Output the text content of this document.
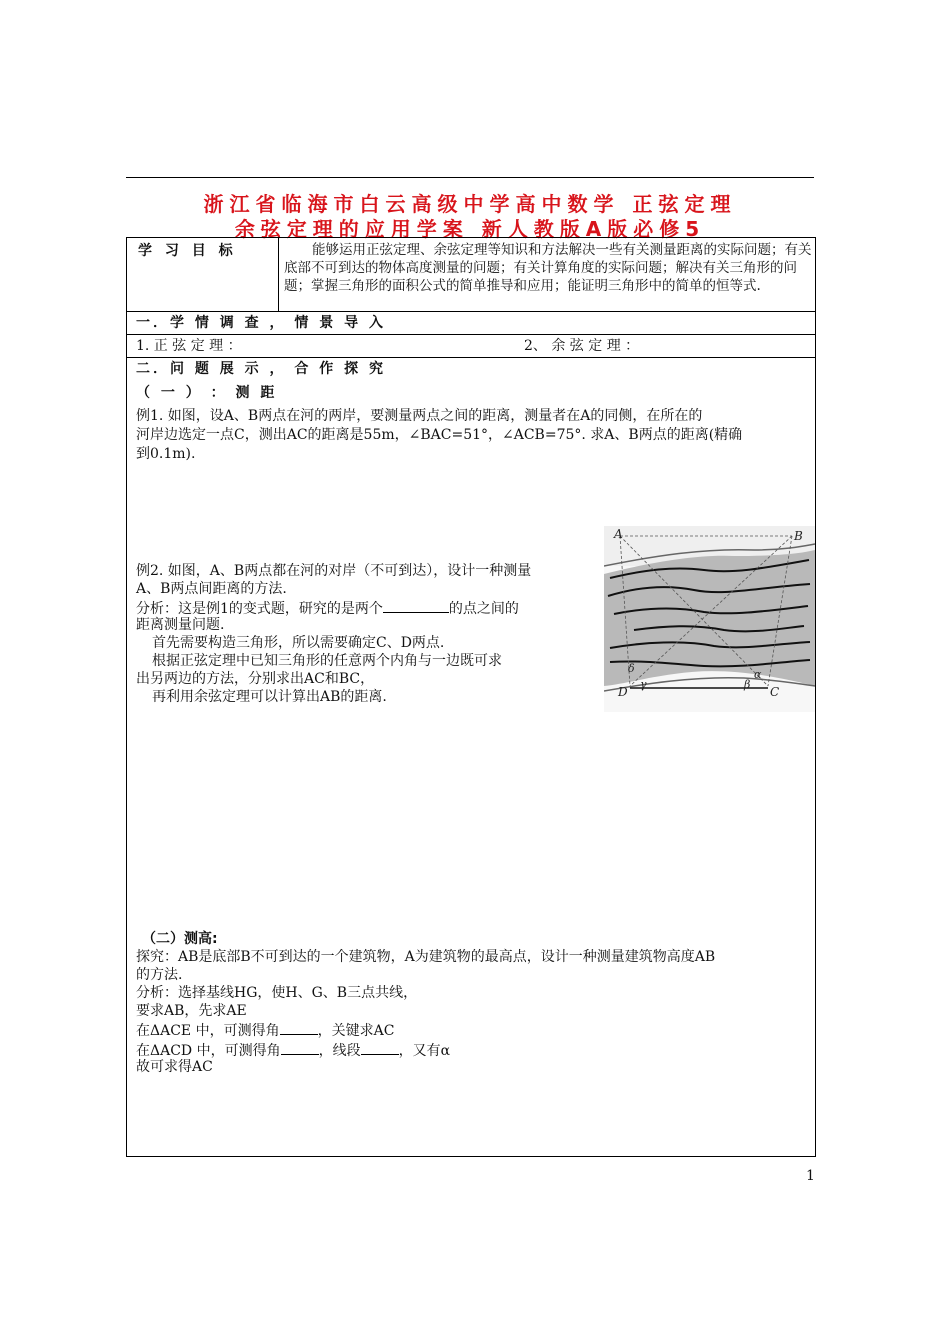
浙江省临海市白云高级中学高中数学 正弦定理
余弦定理的应用学案 新人教版A版必修5
学 习 目 标	能够运用正弦定理、余弦定理等知识和方法解决一些有关测量距离的实际问题；有关底部不可到达的物体高度测量的问题；有关计算角度的实际问题；解决有关三角形的问题；掌握三角形的面积公式的简单推导和应用；能证明三角形中的简单的恒等式.
一．学 情 调 查 ， 情 景 导 入
1. 正 弦 定 理 ：	2、 余 弦 定 理 ：
二．问 题 展 示 ， 合 作 探 究
（ 一 ） ： 测 距
例1. 如图，设A、B两点在河的两岸，要测量两点之间的距离，测量者在A的同侧，在所在的
河岸边选定一点C，测出AC的距离是55m，∠BAC=51°，∠ACB=75°. 求A、B两点的距离(精确
到0.1m).
例2. 如图，A、B两点都在河的对岸（不可到达），设计一种测量
A、B两点间距离的方法.
分析：这是例1的变式题，研究的是两个	的点之间的
距离测量问题.
首先需要构造三角形，所以需要确定C、D两点.
根据正弦定理中已知三角形的任意两个内角与一边既可求
出另两边的方法，分别求出AC和BC，
再利用余弦定理可以计算出AB的距离.
A	B
D	C
α
β
γ
δ
（二）测高:
探究：AB是底部B不可到达的一个建筑物，A为建筑物的最高点，设计一种测量建筑物高度AB
的方法.
分析：选择基线HG，使H、G、B三点共线，
要求AB，先求AE
在ΔACE 中，可测得角	，关键求AC
在ΔACD 中，可测得角	，线段	，又有α
故可求得AC
1
